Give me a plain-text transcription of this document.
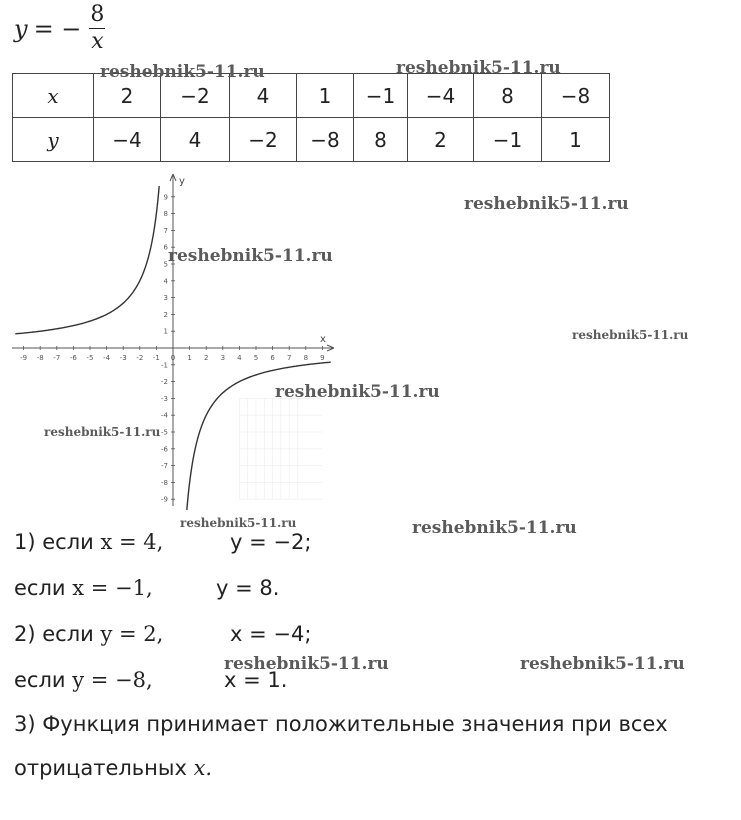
y = − $\frac{8}{x}$
x	2	−2	4	1	−1	−4	8	−8
y	−4	4	−2	−8	8	2	−1	1
x
y
-9 -8 -7 -6 -5 -4 -3 -2 -1 0 1 2 3 4 5 6 7 8 9
9
8
7
6
5
4
3
2
1
-1
-2
-3
-4
-5
-6
-7
-8
-9
1) если x = 4,	y = −2;
если x = −1,	y = 8.
2) если y = 2,	x = −4;
если y = −8,	x = 1.
3) Функция принимает положительные значения при всех
отрицательных x.
reshebnik5-11.ru	reshebnik5-11.ru
reshebnik5-11.ru
reshebnik5-11.ru
reshebnik5-11.ru
reshebnik5-11.ru
reshebnik5-11.ru
reshebnik5-11.ru	reshebnik5-11.ru
reshebnik5-11.ru	reshebnik5-11.ru
